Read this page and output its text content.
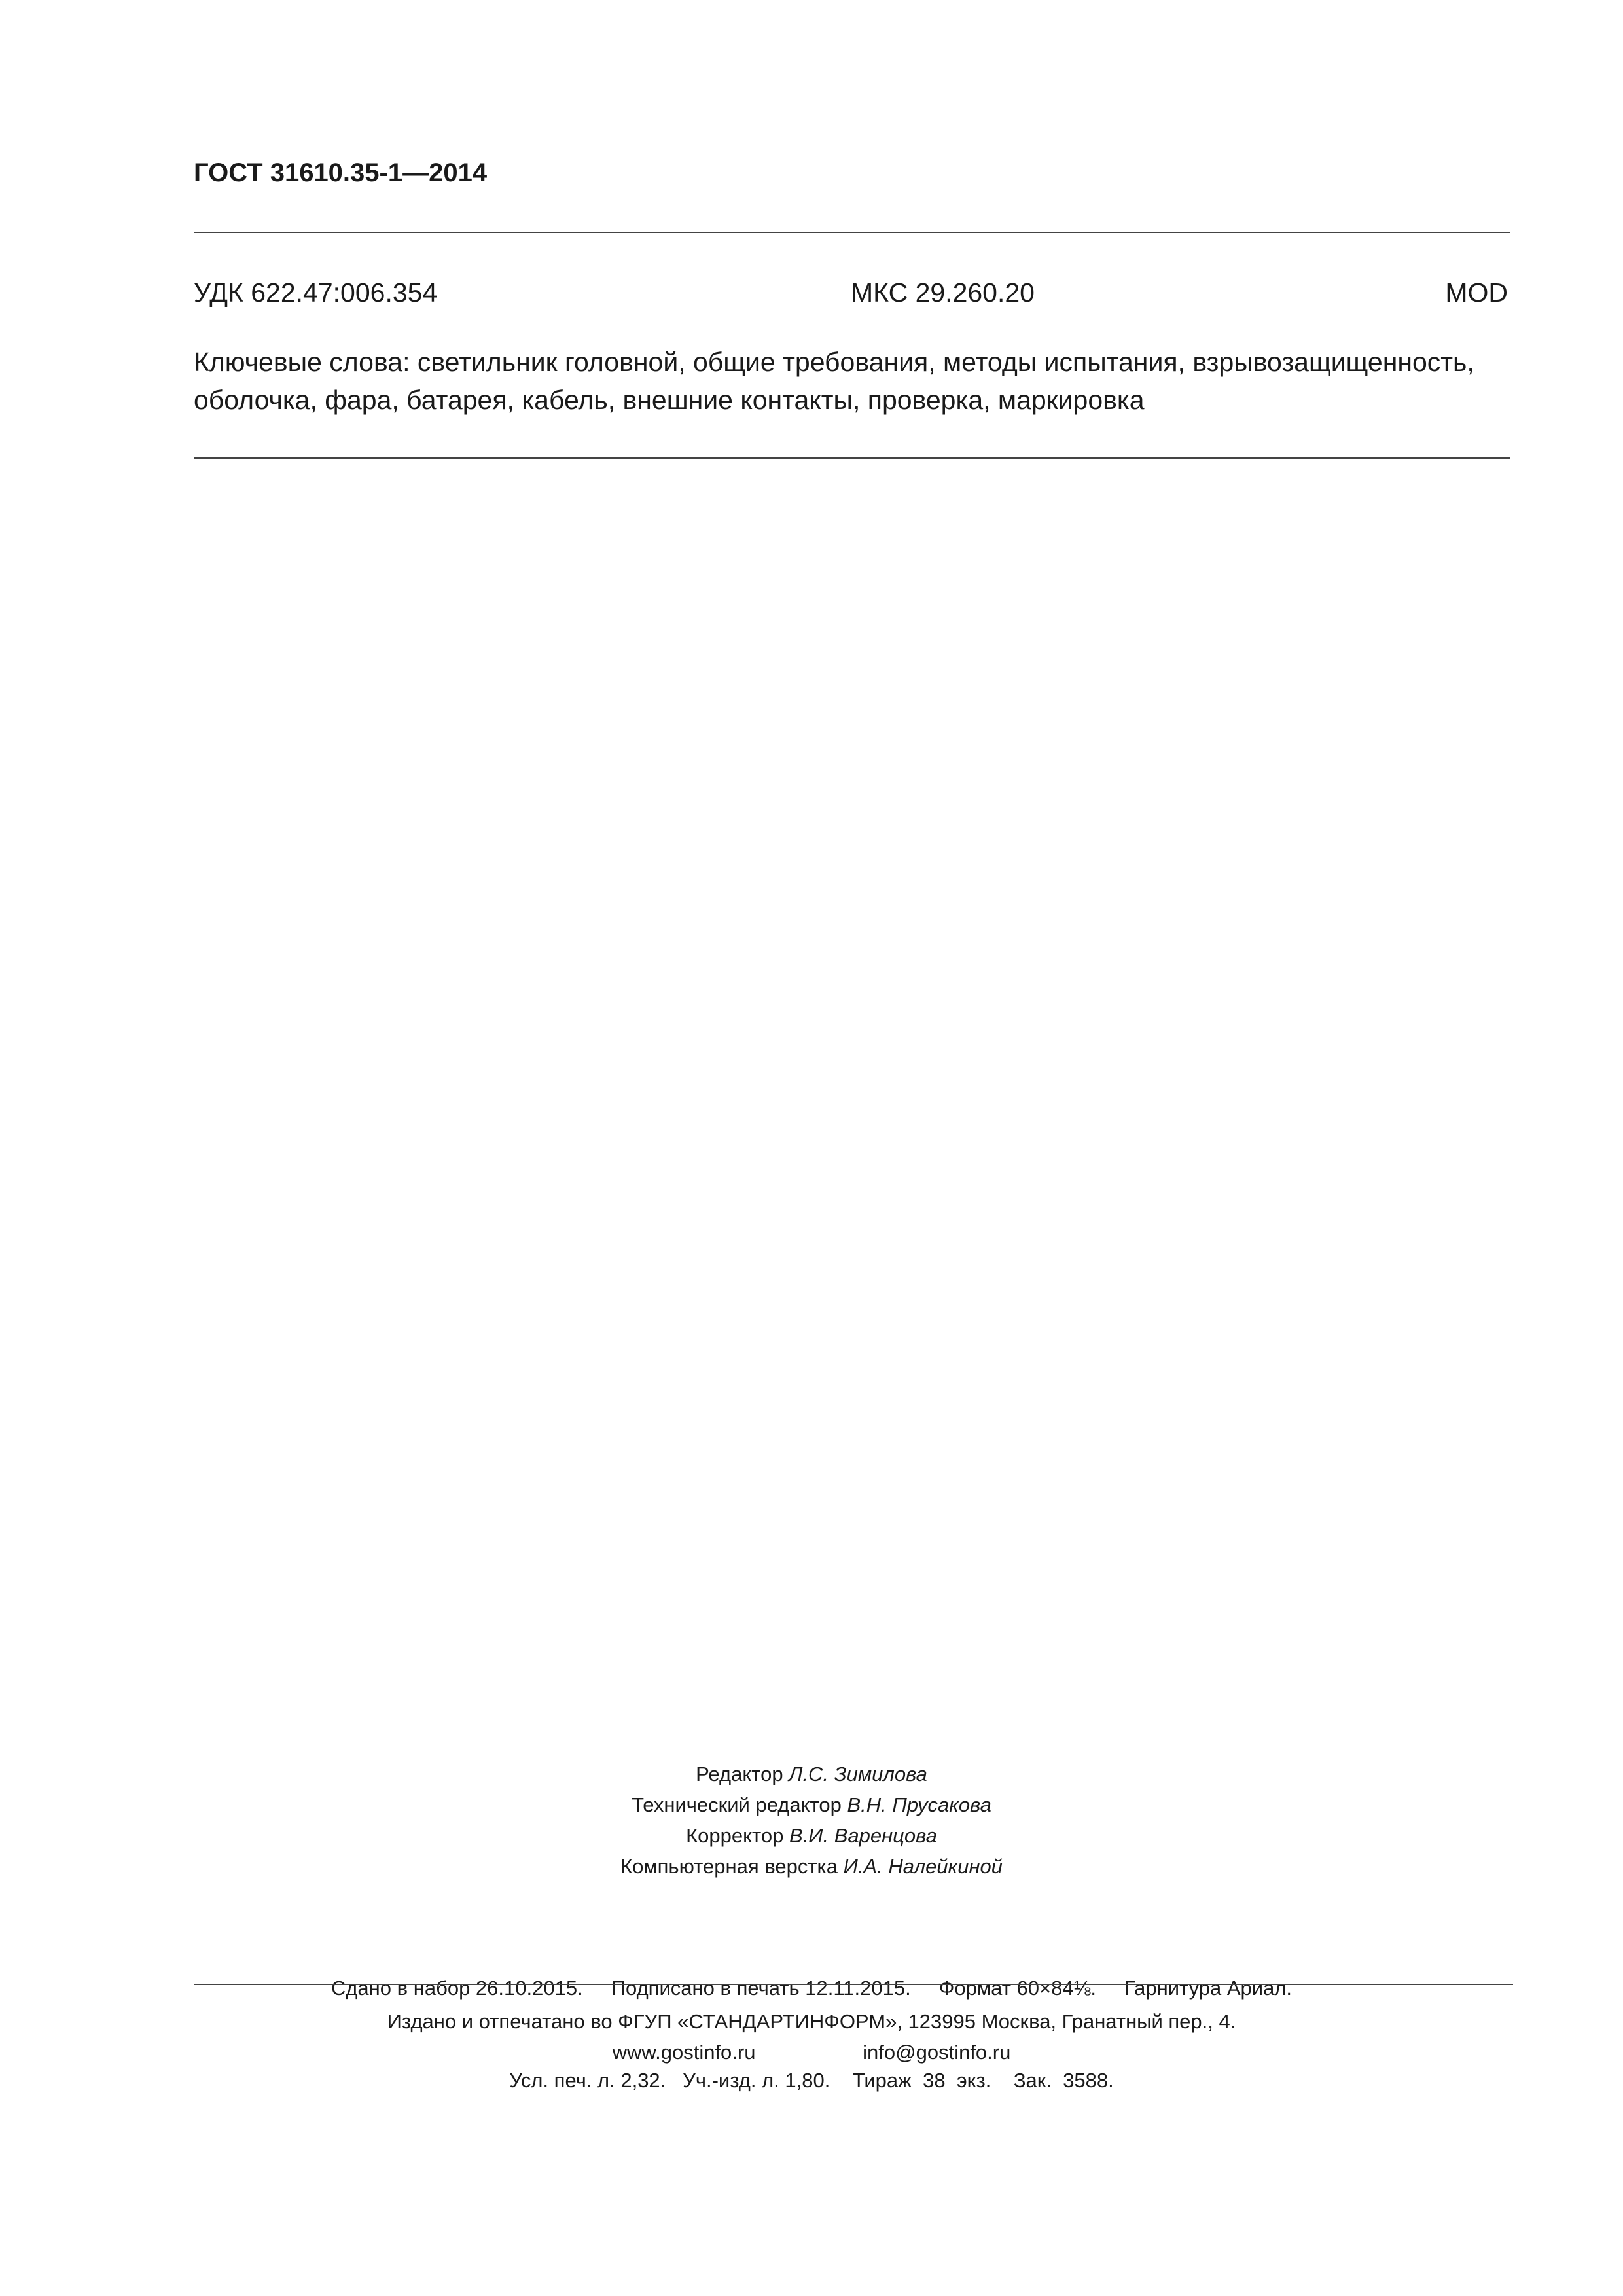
ГОСТ 31610.35-1—2014
УДК 622.47:006.354	МКС 29.260.20	MOD
Ключевые слова: светильник головной, общие требования, методы испытания, взрывозащищенность, оболочка, фара, батарея, кабель, внешние контакты, проверка, маркировка
Редактор Л.С. Зимилова
Технический редактор В.Н. Прусакова
Корректор В.И. Варенцова
Компьютерная верстка И.А. Налейкиной

Сдано в набор 26.10.2015.     Подписано в печать 12.11.2015.     Формат 60×84⅛.     Гарнитура Ариал.

Усл. печ. л. 2,32.   Уч.-изд. л. 1,80.    Тираж  38  экз.    Зак.  3588.

Издано и отпечатано во ФГУП «СТАНДАРТИНФОРМ», 123995 Москва, Гранатный пер., 4.
www.gostinfo.ru	info@gostinfo.ru
